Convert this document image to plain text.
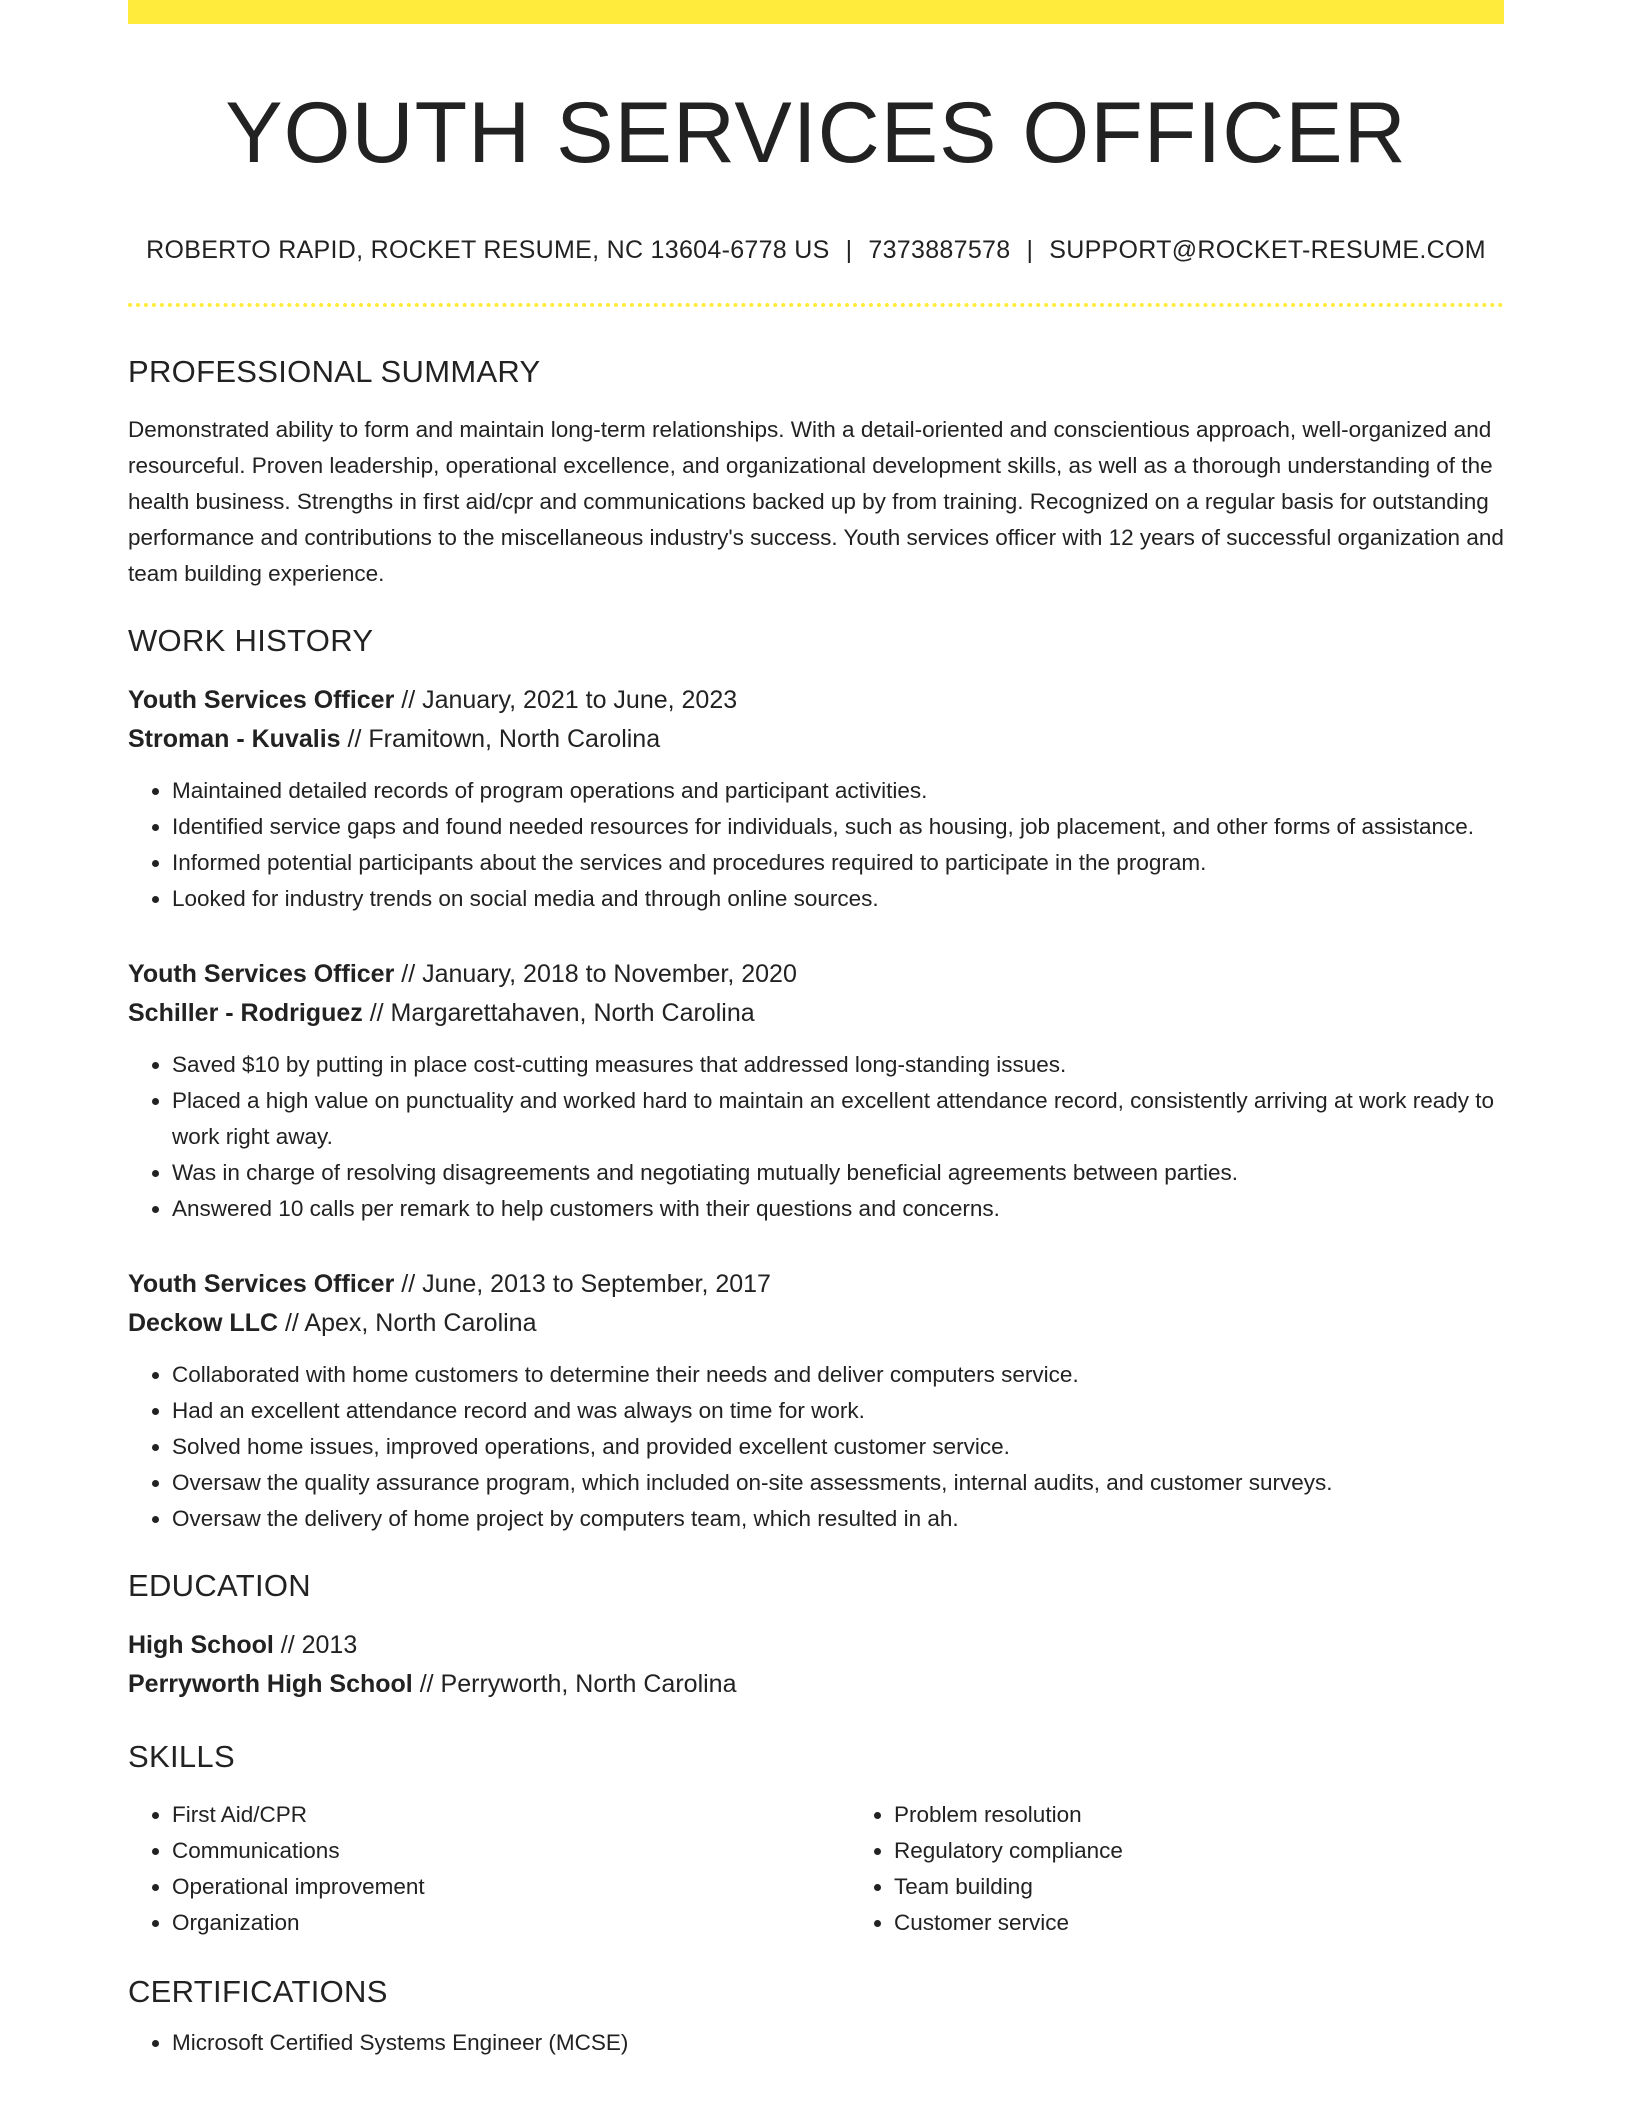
YOUTH SERVICES OFFICER
ROBERTO RAPID, ROCKET RESUME, NC 13604-6778 US | 7373887578 | SUPPORT@ROCKET-RESUME.COM
PROFESSIONAL SUMMARY

Demonstrated ability to form and maintain long-term relationships. With a detail-oriented and conscientious approach, well-organized and resourceful. Proven leadership, operational excellence, and organizational development skills, as well as a thorough understanding of the health business. Strengths in first aid/cpr and communications backed up by from training. Recognized on a regular basis for outstanding performance and contributions to the miscellaneous industry's success. Youth services officer with 12 years of successful organization and team building experience.

WORK HISTORY
Youth Services Officer // January, 2021 to June, 2023
Stroman - Kuvalis // Framitown, North Carolina
• Maintained detailed records of program operations and participant activities.
• Identified service gaps and found needed resources for individuals, such as housing, job placement, and other forms of assistance.
• Informed potential participants about the services and procedures required to participate in the program.
• Looked for industry trends on social media and through online sources.
Youth Services Officer // January, 2018 to November, 2020
Schiller - Rodriguez // Margarettahaven, North Carolina
• Saved $10 by putting in place cost-cutting measures that addressed long-standing issues.
• Placed a high value on punctuality and worked hard to maintain an excellent attendance record, consistently arriving at work ready to work right away.
• Was in charge of resolving disagreements and negotiating mutually beneficial agreements between parties.
• Answered 10 calls per remark to help customers with their questions and concerns.
Youth Services Officer // June, 2013 to September, 2017
Deckow LLC // Apex, North Carolina
• Collaborated with home customers to determine their needs and deliver computers service.
• Had an excellent attendance record and was always on time for work.
• Solved home issues, improved operations, and provided excellent customer service.
• Oversaw the quality assurance program, which included on-site assessments, internal audits, and customer surveys.
• Oversaw the delivery of home project by computers team, which resulted in ah.
EDUCATION
High School // 2013
Perryworth High School // Perryworth, North Carolina
SKILLS
• First Aid/CPR
• Communications
• Operational improvement
• Organization
• Problem resolution
• Regulatory compliance
• Team building
• Customer service
CERTIFICATIONS
• Microsoft Certified Systems Engineer (MCSE)
